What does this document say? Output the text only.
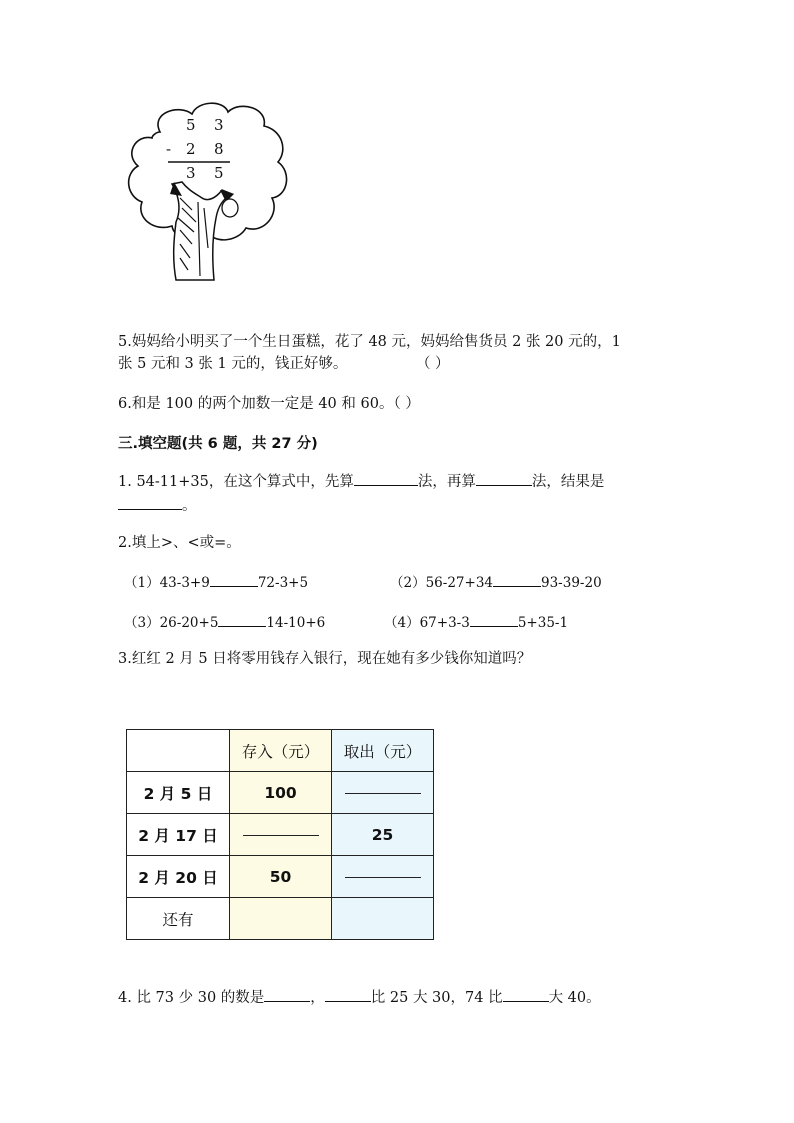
5 3
- 2 8
3 5
5.妈妈给小明买了一个生日蛋糕，花了 48 元，妈妈给售货员 2 张 20 元的，1
张 5 元和 3 张 1 元的，钱正好够。	（ ）
6.和是 100 的两个加数一定是 40 和 60。（ ）
三.填空题(共 6 题，共 27 分)
1. 54-11+35，在这个算式中，先算	法，再算	法，结果是
。
2.填上>、<或=。
（1）43-3+9	72-3+5	（2）56-27+34	93-39-20
（3）26-20+5	14-10+6	（4）67+3-3	5+35-1
3.红红 2 月 5 日将零用钱存入银行，现在她有多少钱你知道吗？
	存入（元）	取出（元）
2 月 5 日	100	
2 月 17 日		25
2 月 20 日	50	
还有		
4. 比 73 少 30 的数是	，	比 25 大 30，74 比	大 40。
